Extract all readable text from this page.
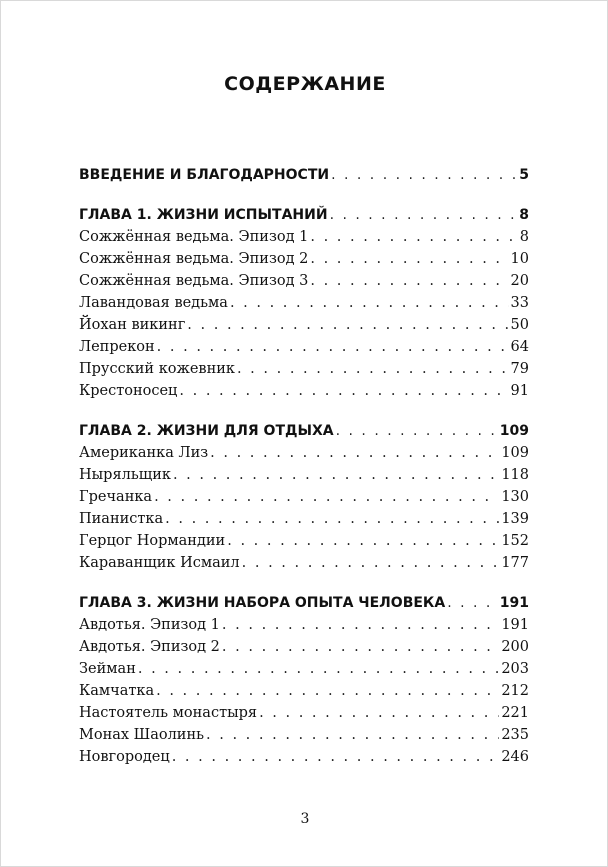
СОДЕРЖАНИЕ
ВВЕДЕНИЕ И БЛАГОДАРНОСТИ . . .	5
ГЛАВА 1. ЖИЗНИ ИСПЫТАНИЙ . . .	8
Сожжённая ведьма. Эпизод 1 . . .	8
Сожжённая ведьма. Эпизод 2 . . .	10
Сожжённая ведьма. Эпизод 3 . . .	20
Лавандовая ведьма . . .	33
Йохан викинг . . .	50
Лепрекон . . .	64
Прусский кожевник . . .	79
Крестоносец . . .	91
ГЛАВА 2. ЖИЗНИ ДЛЯ ОТДЫХА . . .	109
Американка Лиз . . .	109
Ныряльщик . . .	118
Гречанка . . .	130
Пианистка . . .	139
Герцог Нормандии . . .	152
Караванщик Исмаил . . .	177
ГЛАВА 3. ЖИЗНИ НАБОРА ОПЫТА ЧЕЛОВЕКА . . .	191
Авдотья. Эпизод 1 . . .	191
Авдотья. Эпизод 2 . . .	200
Зейман . . .	203
Камчатка . . .	212
Настоятель монастыря . . .	221
Монах Шаолинь . . .	235
Новгородец . . .	246
3
